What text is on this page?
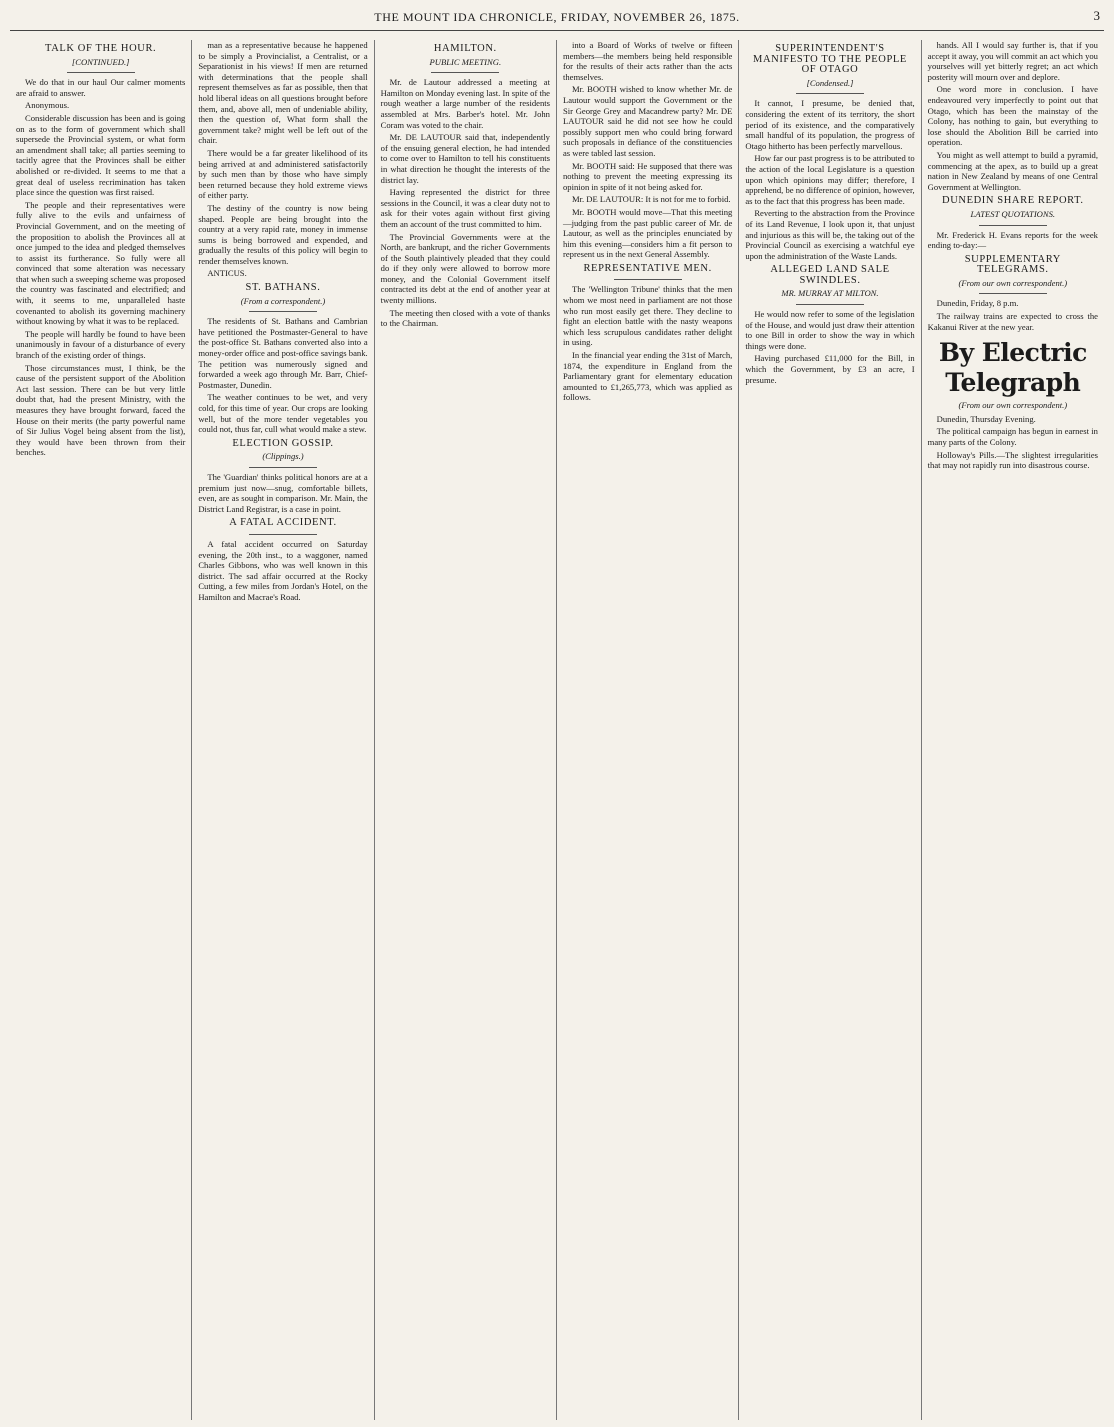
THE MOUNT IDA CHRONICLE, FRIDAY, NOVEMBER 26, 1875.	3
TALK OF THE HOUR.
[CONTINUED.]

We do that in our haul Our calmer moments are afraid to answer.

Anonymous.

Considerable discussion has been and is going on as to the form of government which shall supersede the Provincial system, or what form an amendment shall take; all parties seeming to tacitly agree that the Provinces shall be either abolished or re-divided. It seems to me that a great deal of useless recrimination has taken place since the question was first raised.

The people and their representatives were fully alive to the evils and unfairness of Provincial Government, and on the meeting of the proposition to abolish the Provinces all at once jumped to the idea and pledged themselves to assist its furtherance. So fully were all convinced that some alteration was necessary that when such a sweeping scheme was proposed the country was fascinated and electrified; and with, it seems to me, unparalleled haste covenanted to abolish its governing machinery without knowing by what it was to be replaced.

The people will hardly be found to have been unanimously in favour of a disturbance of every branch of the existing order of things.

Those circumstances must, I think, be the cause of the persistent support of the Abolition Act last session. There can be but very little doubt that, had the present Ministry, with the measures they have brought forward, faced the House on their merits (the party powerful name of Sir Julius Vogel being absent from the list), they would have been thrown from their benches.

man as a representative because he happened to be simply a Provincialist, a Centralist, or a Separationist in his views! If men are returned with determinations that the people shall represent themselves as far as possible, then that hold liberal ideas on all questions brought before them, and, above all, men of undeniable ability, then the question of, What form shall the government take? might well be left out of the chair.

There would be a far greater likelihood of its being arrived at and administered satisfactorily by such men than by those who have simply been returned because they hold extreme views of either party.

The destiny of the country is now being shaped. People are being brought into the country at a very rapid rate, money in immense sums is being borrowed and expended, and gradually the results of this policy will begin to render themselves known.

ANTICUS.

ST. BATHANS.
(From a correspondent.)

The residents of St. Bathans and Cambrian have petitioned the Postmaster-General to have the post-office St. Bathans converted also into a money-order office and post-office savings bank. The petition was numerously signed and forwarded a week ago through Mr. Barr, Chief-Postmaster, Dunedin.

The weather continues to be wet, and very cold, for this time of year. Our crops are looking well, but of the more tender vegetables you could not, thus far, cull what would make a stew.

ELECTION GOSSIP.
(Clippings.)

The 'Guardian' thinks political honors are at a premium just now—snug, comfortable billets, even, are as sought in comparison. Mr. Main, the District Land Registrar, is a case in point.

A FATAL ACCIDENT.

A fatal accident occurred on Saturday evening, the 20th inst., to a waggoner, named Charles Gibbons, who was well known in this district. The sad affair occurred at the Rocky Cutting, a few miles from Jordan's Hotel, on the Hamilton and Macrae's Road.

HAMILTON.
PUBLIC MEETING.

Mr. de Lautour addressed a meeting at Hamilton on Monday evening last. In spite of the rough weather a large number of the residents assembled at Mrs. Barber's hotel. Mr. John Coram was voted to the chair.

Mr. DE LAUTOUR said that, independently of the ensuing general election, he had intended to come over to Hamilton to tell his constituents in what direction he thought the interests of the district lay.

Having represented the district for three sessions in the Council, it was a clear duty not to ask for their votes again without first giving them an account of the trust committed to him.

The Provincial Governments were at the North, are bankrupt, and the richer Governments of the South plaintively pleaded that they could do if they only were allowed to borrow more money, and the Colonial Government itself contracted its debt at the end of another year at twenty millions.

The meeting then closed with a vote of thanks to the Chairman.

into a Board of Works of twelve or fifteen members—the members being held responsible for the results of their acts rather than the acts themselves.

Mr. BOOTH wished to know whether Mr. de Lautour would support the Government or the Sir George Grey and Macandrew party? Mr. DE LAUTOUR said he did not see how he could possibly support men who could bring forward such proposals in defiance of the constituencies as were tabled last session.

Mr. BOOTH said: He supposed that there was nothing to prevent the meeting expressing its opinion in spite of it not being asked for.

Mr. DE LAUTOUR: It is not for me to forbid.

Mr. BOOTH would move—That this meeting—judging from the past public career of Mr. de Lautour, as well as the principles enunciated by him this evening—considers him a fit person to represent us in the next General Assembly.

REPRESENTATIVE MEN.

The 'Wellington Tribune' thinks that the men whom we most need in parliament are not those who run most easily get there. They decline to fight an election battle with the nasty weapons which less scrupulous candidates rather delight in using.

In the financial year ending the 31st of March, 1874, the expenditure in England from the Parliamentary grant for elementary education amounted to £1,265,773, which was applied as follows.

SUPERINTENDENT'S MANIFESTO TO THE PEOPLE OF OTAGO
[Condensed.]

It cannot, I presume, be denied that, considering the extent of its territory, the short period of its existence, and the comparatively small handful of its population, the progress of Otago hitherto has been perfectly marvellous.

How far our past progress is to be attributed to the action of the local Legislature is a question upon which opinions may differ; therefore, I apprehend, be no difference of opinion, however, as to the fact that this progress has been made.

Reverting to the abstraction from the Province of its Land Revenue, I look upon it, that unjust and injurious as this will be, the taking out of the Provincial Council as exercising a watchful eye upon the administration of the Waste Lands.

ALLEGED LAND SALE SWINDLES.
MR. MURRAY AT MILTON.

He would now refer to some of the legislation of the House, and would just draw their attention to one Bill in order to show the way in which things were done.

Having purchased £11,000 for the Bill, in which the Government, by £3 an acre, I presume.

hands. All I would say further is, that if you accept it away, you will commit an act which you yourselves will yet bitterly regret; an act which posterity will mourn over and deplore.

One word more in conclusion. I have endeavoured very imperfectly to point out that Otago, which has been the mainstay of the Colony, has nothing to gain, but everything to lose should the Abolition Bill be carried into operation.

You might as well attempt to build a pyramid, commencing at the apex, as to build up a great nation in New Zealand by means of one Central Government at Wellington.

DUNEDIN SHARE REPORT.
LATEST QUOTATIONS.

Mr. Frederick H. Evans reports for the week ending to-day:—

SUPPLEMENTARY TELEGRAMS.
(From our own correspondent.)

Dunedin, Friday, 8 p.m.

The railway trains are expected to cross the Kakanui River at the new year.

By Electric Telegraph
(From our own correspondent.)

Dunedin, Thursday Evening.

The political campaign has begun in earnest in many parts of the Colony.

Holloway's Pills.—The slightest irregularities that may not rapidly run into disastrous course.
